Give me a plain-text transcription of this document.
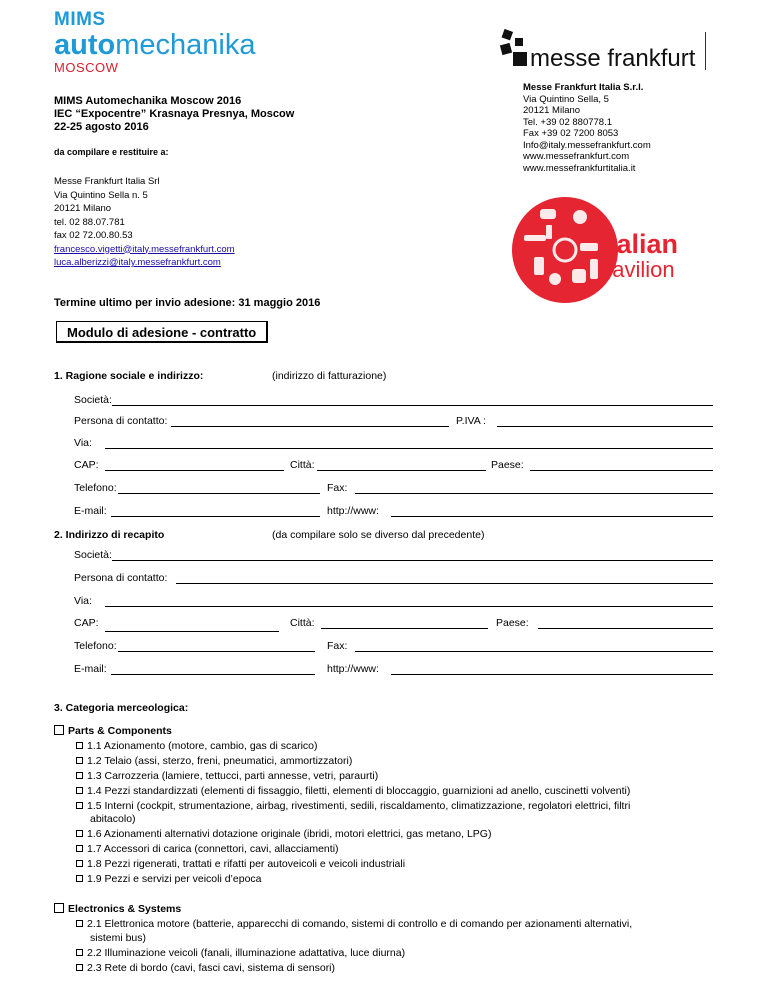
MIMS
automechanika
MOSCOW	messe frankfurt
Messe Frankfurt Italia S.r.l.
Via Quintino Sella, 5
20121 Milano
Tel. +39 02 880778.1
Fax +39 02 7200 8053
Info@italy.messefrankfurt.com
www.messefrankfurt.com
www.messefrankfurtitalia.it
MIMS Automechanika Moscow 2016
IEC “Expocentre” Krasnaya Presnya, Moscow
22-25 agosto 2016
da compilare e restituire a:
Messe Frankfurt Italia Srl
Via Quintino Sella n. 5
20121 Milano
tel. 02 88.07.781
fax 02 72.00.80.53
francesco.vigetti@italy.messefrankfurt.com
luca.alberizzi@italy.messefrankfurt.com
italian
pavilion
Termine ultimo per invio adesione: 31 maggio 2016
Modulo di adesione - contratto
1. Ragione sociale e indirizzo:	(indirizzo di fatturazione)
Società:
Persona di contatto:	P.IVA :
Via:
CAP:	Città:	Paese:
Telefono:	Fax:
E-mail:	http://www:
2. Indirizzo di recapito	(da compilare solo se diverso dal precedente)
Società:
Persona di contatto:
Via:
CAP:	Città:	Paese:
Telefono:	Fax:
E-mail:	http://www:
3. Categoria merceologica:
Parts & Components
1.1 Azionamento (motore, cambio, gas di scarico)
1.2 Telaio (assi, sterzo, freni, pneumatici, ammortizzatori)
1.3 Carrozzeria (lamiere, tettucci, parti annesse, vetri, paraurti)
1.4 Pezzi standardizzati (elementi di fissaggio, filetti, elementi di bloccaggio, guarnizioni ad anello, cuscinetti volventi)
1.5 Interni (cockpit, strumentazione, airbag, rivestimenti, sedili, riscaldamento, climatizzazione, regolatori elettrici, filtri
abitacolo)
1.6 Azionamenti alternativi dotazione originale (ibridi, motori elettrici, gas metano, LPG)
1.7 Accessori di carica (connettori, cavi, allacciamenti)
1.8 Pezzi rigenerati, trattati e rifatti per autoveicoli e veicoli industriali
1.9 Pezzi e servizi per veicoli d’epoca
Electronics & Systems
2.1 Elettronica motore (batterie, apparecchi di comando, sistemi di controllo e di comando per azionamenti alternativi,
sistemi bus)
2.2 Illuminazione veicoli (fanali, illuminazione adattativa, luce diurna)
2.3 Rete di bordo (cavi, fasci cavi, sistema di sensori)
